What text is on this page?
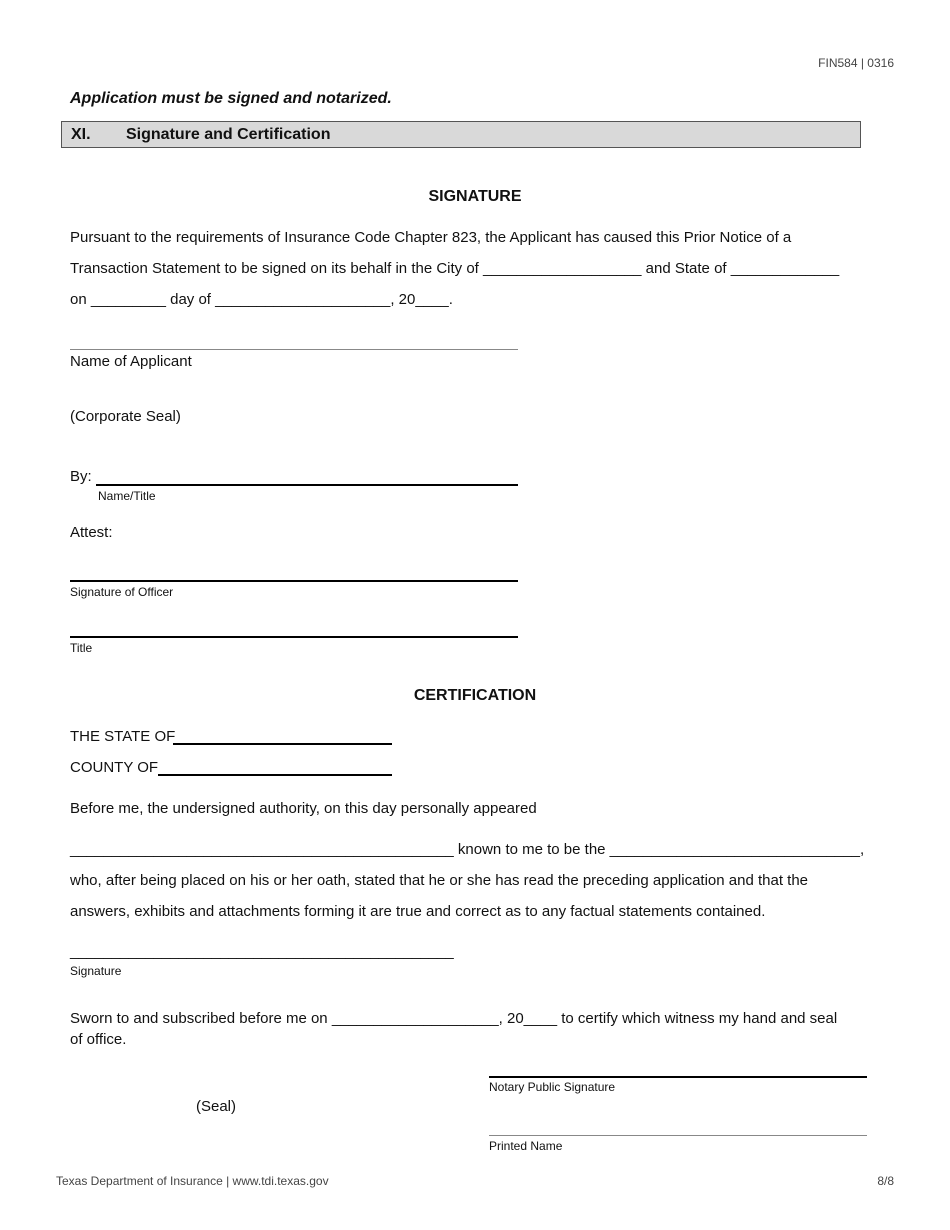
FIN584 | 0316
Application must be signed and notarized.
XI. Signature and Certification
SIGNATURE
Pursuant to the requirements of Insurance Code Chapter 823, the Applicant has caused this Prior Notice of a
Transaction Statement to be signed on its behalf in the City of ___________________ and State of _____________
on _________ day of _____________________, 20____.
Name of Applicant
(Corporate Seal)
By:
Name/Title
Attest:
Signature of Officer
Title
CERTIFICATION
THE STATE OF
COUNTY OF
Before me, the undersigned authority, on this day personally appeared
______________________________________________ known to me to be the ______________________________,
who, after being placed on his or her oath, stated that he or she has read the preceding application and that the
answers, exhibits and attachments forming it are true and correct as to any factual statements contained.
______________________________________________
Signature
Sworn to and subscribed before me on ____________________, 20____ to certify which witness my hand and seal
of office.
Notary Public Signature
(Seal)
Printed Name
Texas Department of Insurance | www.tdi.texas.gov	8/8
